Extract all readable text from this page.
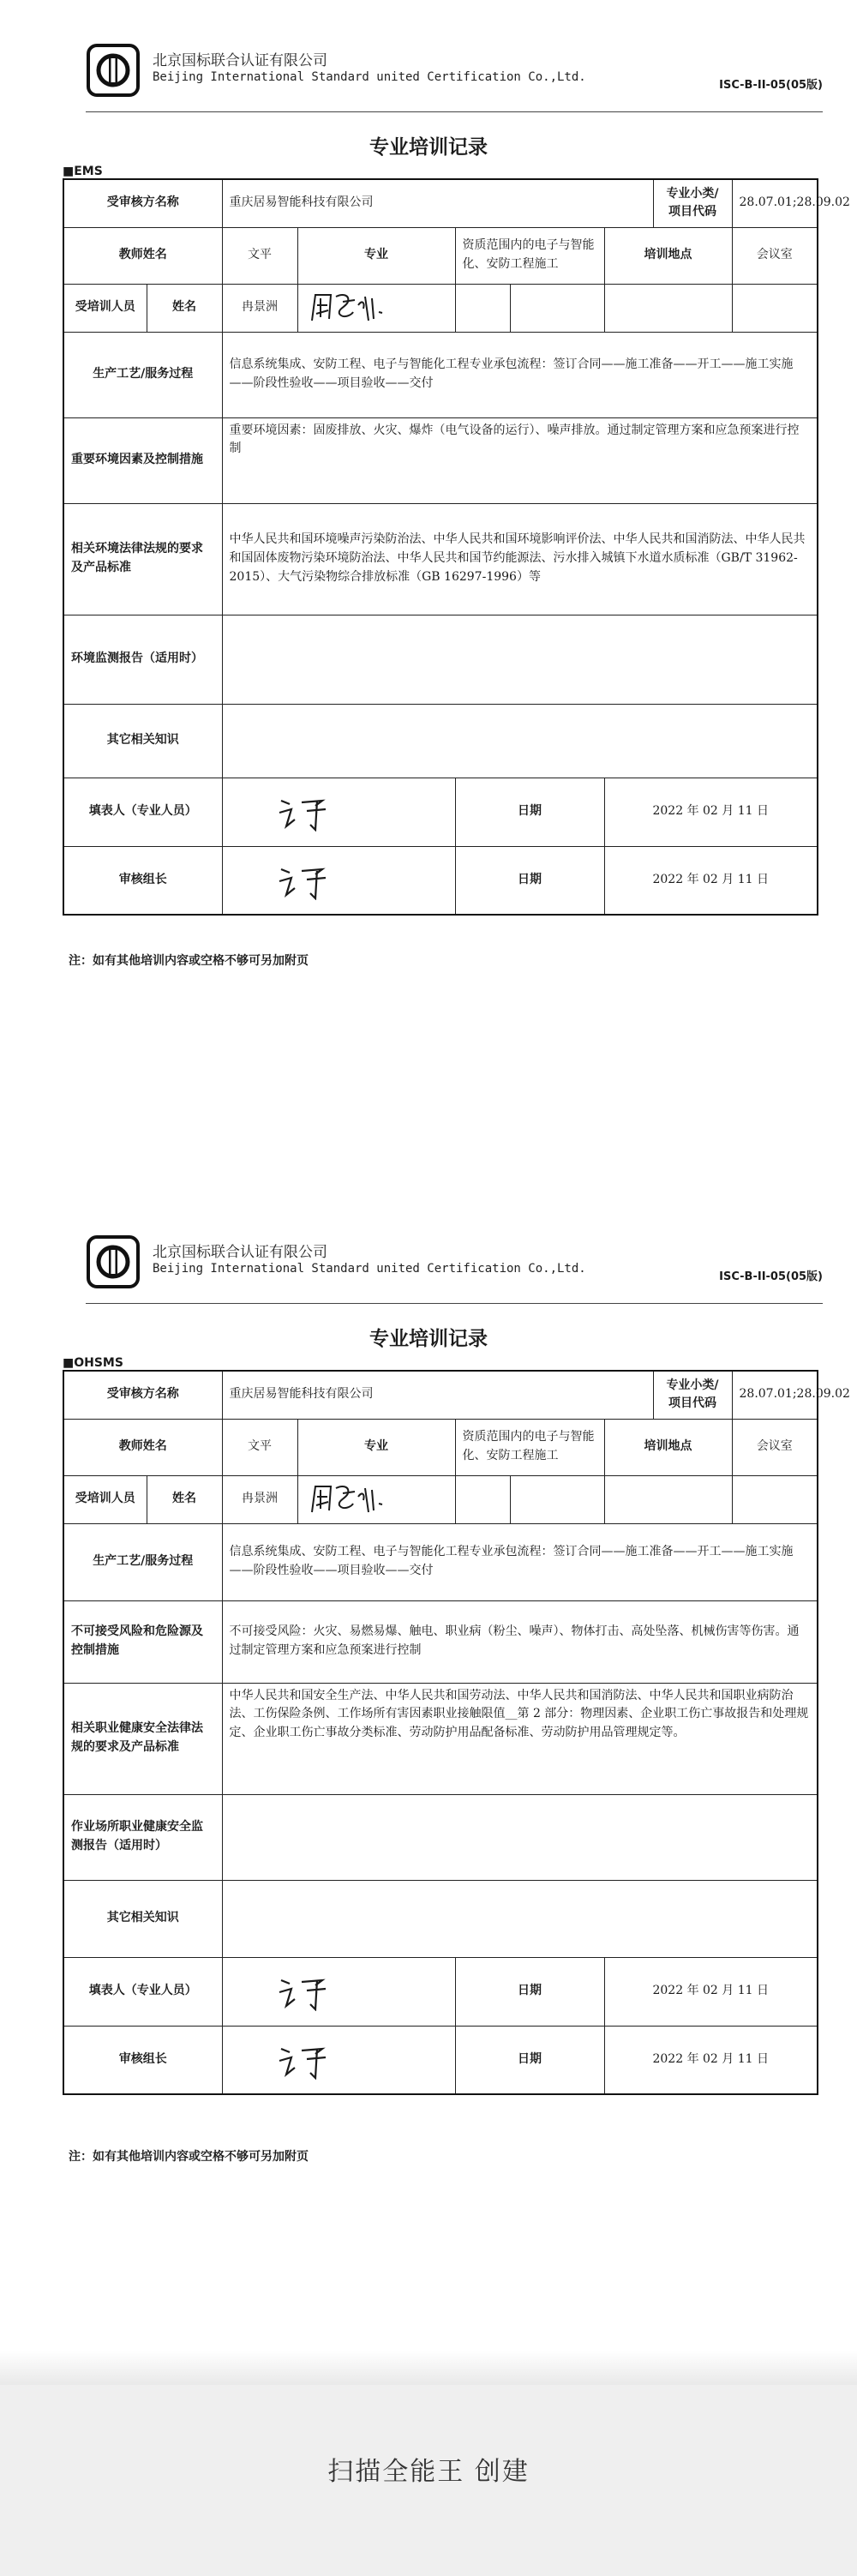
北京国标联合认证有限公司
Beijing International Standard united Certification Co.,Ltd.
ISC-B-II-05(05版)
专业培训记录
■EMS
受审核方名称		重庆居易智能科技有限公司					专业小类/项目代码	28.07.01;28.09.02
教师姓名		文平	专业	资质范围内的电子与智能化、安防工程施工		培训地点		会议室
受培训人员	姓名	冉景洲	

生产工艺/服务过程		信息系统集成、安防工程、电子与智能化工程专业承包流程：签订合同——施工准备——开工——施工实施——阶段性验收——项目验收——交付						
重要环境因素及控制措施		重要环境因素：固废排放、火灾、爆炸（电气设备的运行）、噪声排放。通过制定管理方案和应急预案进行控制						
相关环境法律法规的要求及产品标准		中华人民共和国环境噪声污染防治法、中华人民共和国环境影响评价法、中华人民共和国消防法、中华人民共和国固体废物污染环境防治法、中华人民共和国节约能源法、污水排入城镇下水道水质标准（GB/T 31962-2015）、大气污染物综合排放标准（GB 16297-1996）等						
环境监测报告（适用时）								
其它相关知识								
填表人（专业人员）				日期		2022 年 02 月 11 日		
审核组长				日期		2022 年 02 月 11 日		
注：如有其他培训内容或空格不够可另加附页
北京国标联合认证有限公司
Beijing International Standard united Certification Co.,Ltd.
ISC-B-II-05(05版)
专业培训记录
■OHSMS
受审核方名称		重庆居易智能科技有限公司					专业小类/项目代码	28.07.01;28.09.02
教师姓名		文平	专业	资质范围内的电子与智能化、安防工程施工		培训地点		会议室
受培训人员	姓名	冉景洲	

生产工艺/服务过程		信息系统集成、安防工程、电子与智能化工程专业承包流程：签订合同——施工准备——开工——施工实施——阶段性验收——项目验收——交付						
不可接受风险和危险源及控制措施		不可接受风险：火灾、易燃易爆、触电、职业病（粉尘、噪声）、物体打击、高处坠落、机械伤害等伤害。通过制定管理方案和应急预案进行控制						
相关职业健康安全法律法规的要求及产品标准		中华人民共和国安全生产法、中华人民共和国劳动法、中华人民共和国消防法、中华人民共和国职业病防治法、工伤保险条例、工作场所有害因素职业接触限值__第 2 部分：物理因素、企业职工伤亡事故报告和处理规定、企业职工伤亡事故分类标准、劳动防护用品配备标准、劳动防护用品管理规定等。						
作业场所职业健康安全监测报告（适用时）								
其它相关知识								
填表人（专业人员）				日期		2022 年 02 月 11 日		
审核组长				日期		2022 年 02 月 11 日		
注：如有其他培训内容或空格不够可另加附页
扫描全能王 创建
